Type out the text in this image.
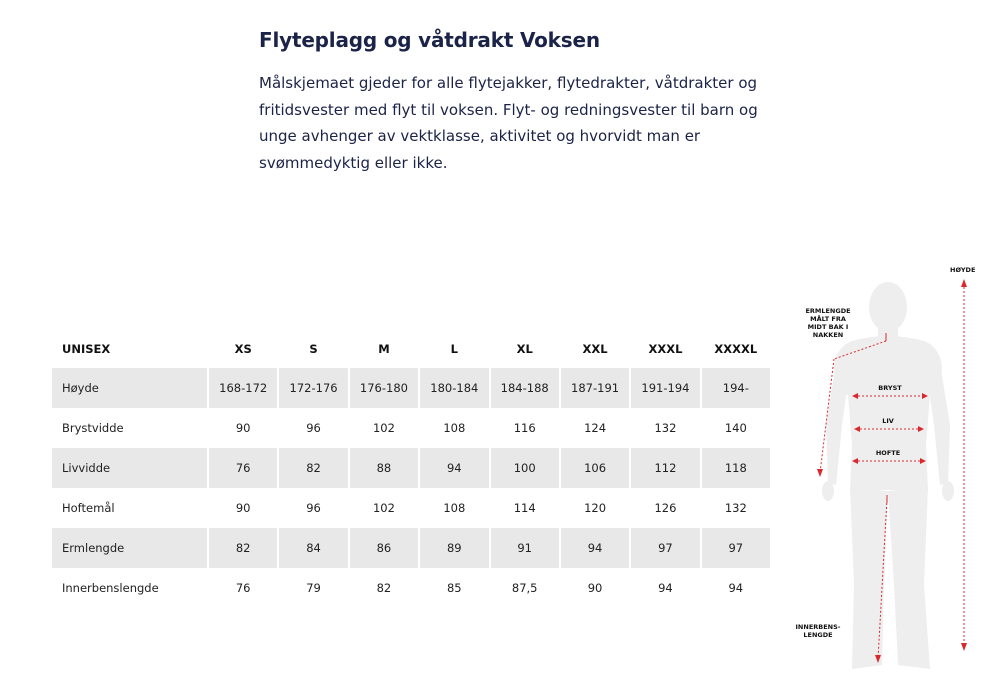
Flyteplagg og våtdrakt Voksen

Målskjemaet gjeder for alle flytejakker, flytedrakter, våtdrakter og fritidsvester med flyt til voksen. Flyt- og redningsvester til barn og unge avhenger av vektklasse, aktivitet og hvorvidt man er svømmedyktig eller ikke.

UNISEX	XS	S	M	L	XL	XXL	XXXL	XXXXL
Høyde	168-172	172-176	176-180	180-184	184-188	187-191	191-194	194-
Brystvidde	90	96	102	108	116	124	132	140
Livvidde	76	82	88	94	100	106	112	118
Hoftemål	90	96	102	108	114	120	126	132
Ermlengde	82	84	86	89	91	94	97	97
Innerbenslengde	76	79	82	85	87,5	90	94	94
HØYDE
ERMLENGDE
MÅLT FRA
MIDT BAK I
NAKKEN
BRYST
LIV
HOFTE
INNERBENS-
LENGDE
